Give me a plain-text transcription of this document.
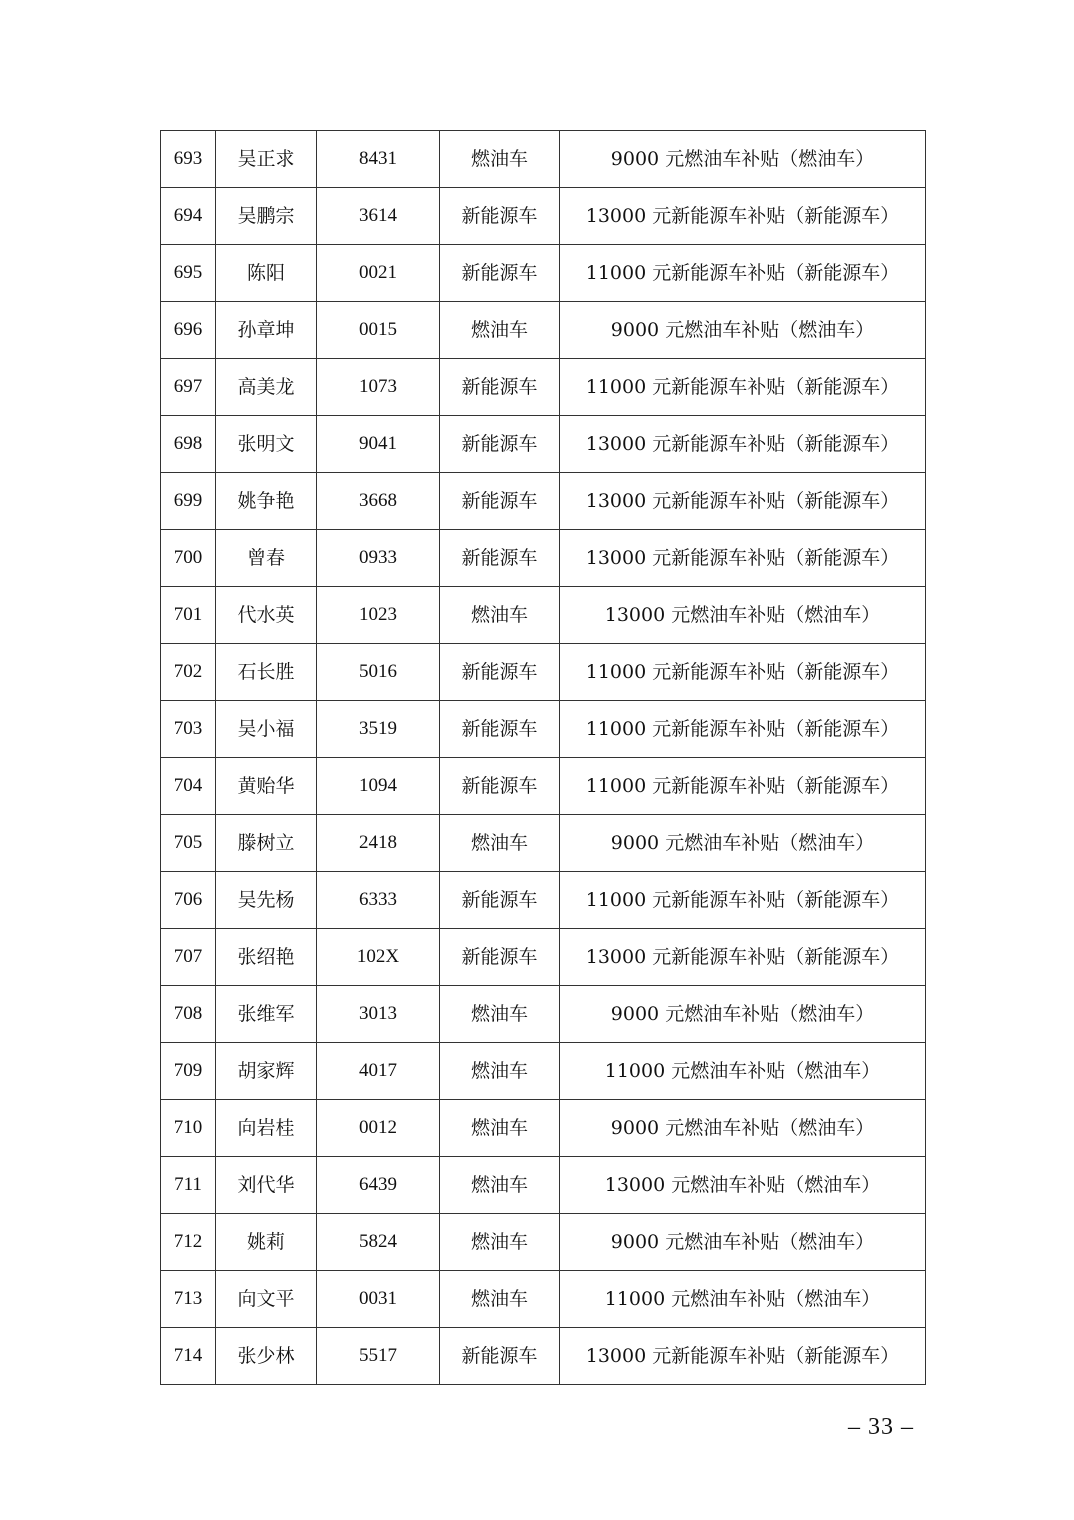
693	吴正求	8431	燃油车	9000 元燃油车补贴（燃油车）
694	吴鹏宗	3614	新能源车	13000 元新能源车补贴（新能源车）
695	陈阳	0021	新能源车	11000 元新能源车补贴（新能源车）
696	孙章坤	0015	燃油车	9000 元燃油车补贴（燃油车）
697	高美龙	1073	新能源车	11000 元新能源车补贴（新能源车）
698	张明文	9041	新能源车	13000 元新能源车补贴（新能源车）
699	姚争艳	3668	新能源车	13000 元新能源车补贴（新能源车）
700	曾春	0933	新能源车	13000 元新能源车补贴（新能源车）
701	代水英	1023	燃油车	13000 元燃油车补贴（燃油车）
702	石长胜	5016	新能源车	11000 元新能源车补贴（新能源车）
703	吴小福	3519	新能源车	11000 元新能源车补贴（新能源车）
704	黄贻华	1094	新能源车	11000 元新能源车补贴（新能源车）
705	滕树立	2418	燃油车	9000 元燃油车补贴（燃油车）
706	吴先杨	6333	新能源车	11000 元新能源车补贴（新能源车）
707	张绍艳	102X	新能源车	13000 元新能源车补贴（新能源车）
708	张维军	3013	燃油车	9000 元燃油车补贴（燃油车）
709	胡家辉	4017	燃油车	11000 元燃油车补贴（燃油车）
710	向岩桂	0012	燃油车	9000 元燃油车补贴（燃油车）
711	刘代华	6439	燃油车	13000 元燃油车补贴（燃油车）
712	姚莉	5824	燃油车	9000 元燃油车补贴（燃油车）
713	向文平	0031	燃油车	11000 元燃油车补贴（燃油车）
714	张少林	5517	新能源车	13000 元新能源车补贴（新能源车）
– 33 –
